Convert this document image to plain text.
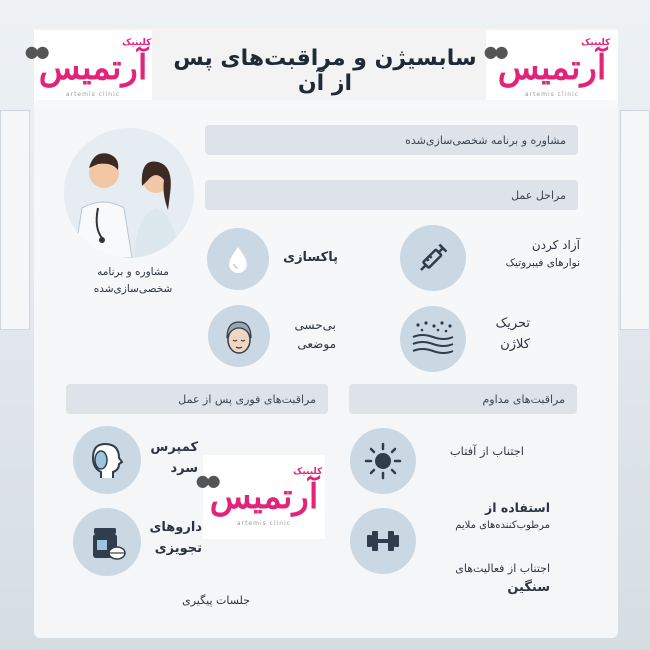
●●	کلینیک
آرتمیس
artemis clinic
●●	کلینیک
آرتمیس
artemis clinic
سابسیژن و مراقبت‌های پس از آن
مشاوره و برنامه
شخصی‌سازی‌شده
مشاوره و برنامه شخصی‌سازی‌شده
مراحل عمل
پاکسازی
آزاد کردن
نوارهای فیبروتیک
بی‌حسی
موضعی
تحریک
کلاژن
مراقبت‌های فوری پس از عمل	مراقبت‌های مداوم
کمپرس
سرد
داروهای
تجویزی
●●	کلینیک
آرتمیس
artemis clinic
جلسات پیگیری
اجتناب از آفتاب
استفاده از
مرطوب‌کننده‌های ملایم
اجتناب از فعالیت‌های
سنگین
